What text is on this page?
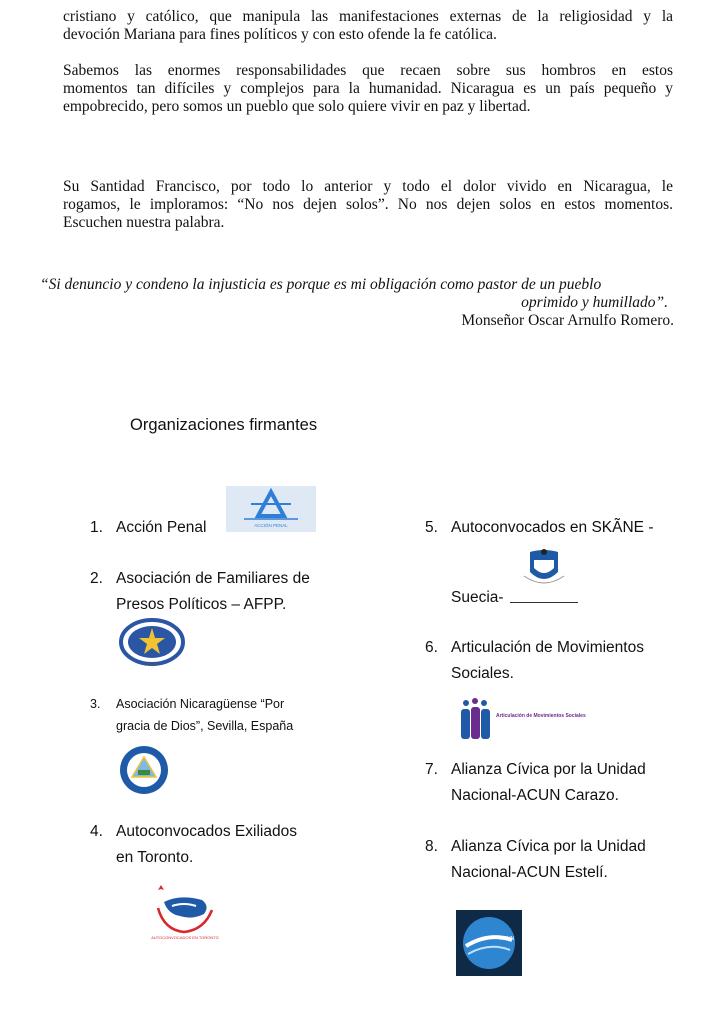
cristiano y católico, que manipula las manifestaciones externas de la religiosidad y la
devoción Mariana para fines políticos y con esto ofende la fe católica.
Sabemos las enormes responsabilidades que recaen sobre sus hombros en estos
momentos tan difíciles y complejos para la humanidad. Nicaragua es un país pequeño y
empobrecido, pero somos un pueblo que solo quiere vivir en paz y libertad.
Su Santidad Francisco, por todo lo anterior y todo el dolor vivido en Nicaragua, le
rogamos, le imploramos: “No nos dejen solos”. No nos dejen solos en estos momentos.
Escuchen nuestra palabra.
“Si denuncio y condeno la injusticia es porque es mi obligación como pastor de un pueblo
oprimido y humillado”.
Monseñor Oscar Arnulfo Romero.
Organizaciones firmantes
1. Acción Penal	ACCIÓN PENAL
2. Asociación de Familiares de
Presos Políticos – AFPP.
AFPP
3. Asociación Nicaragüense “Por
gracia de Dios”, Sevilla, España
4. Autoconvocados Exiliados
en Toronto.
AUTOCONVOCADOS EN TORONTO
5. Autoconvocados en SKÃNE -
Suecia-
6. Articulación de Movimientos
Sociales.
Articulación de Movimientos Sociales
7. Alianza Cívica por la Unidad
Nacional-ACUN Carazo.
8. Alianza Cívica por la Unidad
Nacional-ACUN Estelí.
ACUN
